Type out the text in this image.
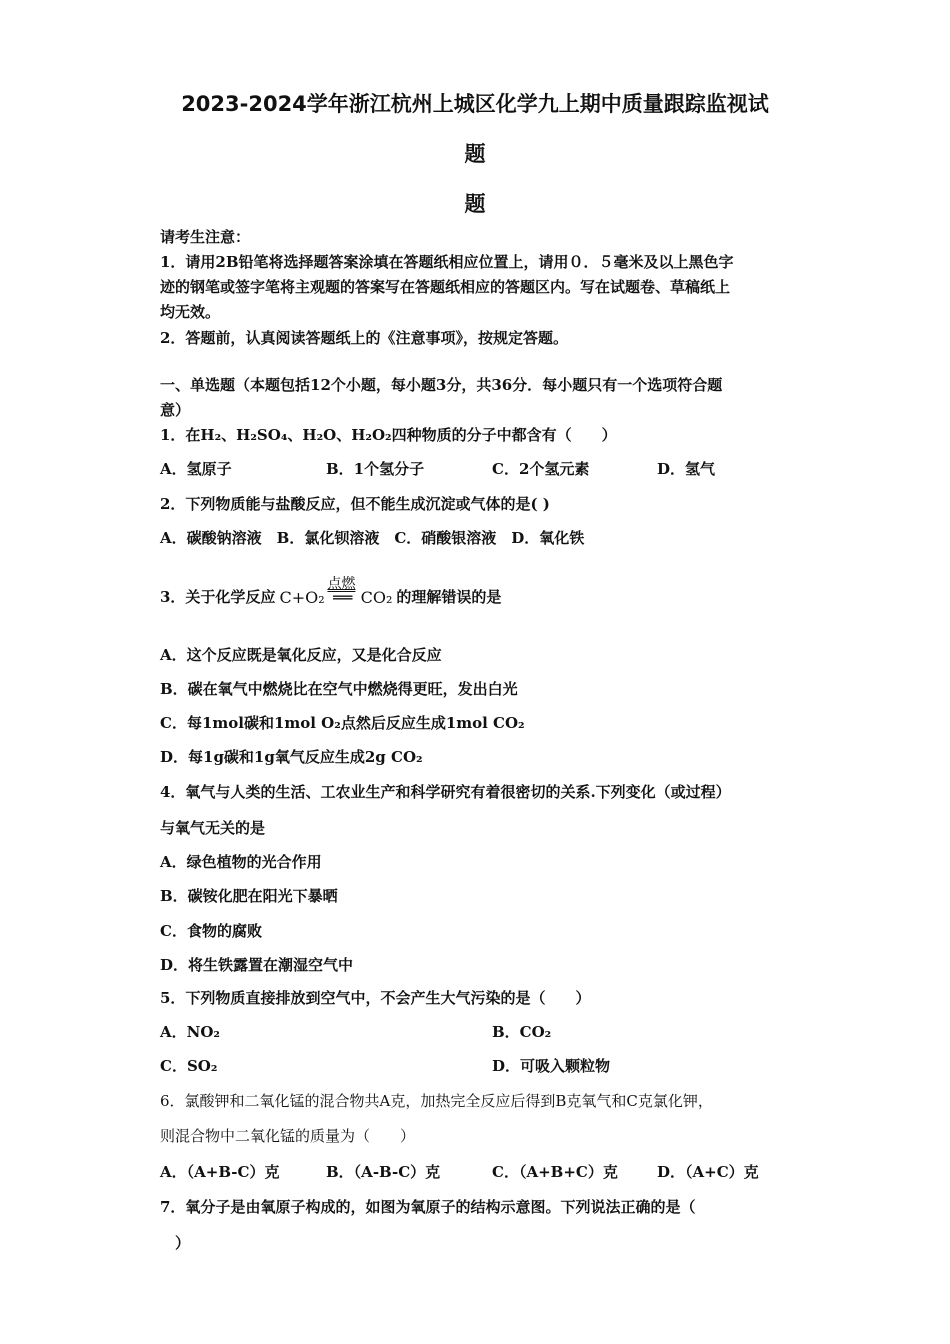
2023-2024学年浙江杭州上城区化学九上期中质量跟踪监视试
题
题
请考生注意：
1．请用2B铅笔将选择题答案涂填在答题纸相应位置上，请用０．５毫米及以上黑色字
迹的钢笔或签字笔将主观题的答案写在答题纸相应的答题区内。写在试题卷、草稿纸上
均无效。
2．答题前，认真阅读答题纸上的《注意事项》，按规定答题。
一、单选题（本题包括12个小题，每小题3分，共36分．每小题只有一个选项符合题
意）
1．在H₂、H₂SO₄、H₂O、H₂O₂四种物质的分子中都含有（　　）
A．氢原子	B．1个氢分子	C．2个氢元素	D．氢气
2．下列物质能与盐酸反应，但不能生成沉淀或气体的是( )
A．碳酸钠溶液　B．氯化钡溶液　C．硝酸银溶液　D．氧化铁
3．关于化学反应 C+O₂
点燃
══ CO₂ 的理解错误的是
A．这个反应既是氧化反应，又是化合反应
B．碳在氧气中燃烧比在空气中燃烧得更旺，发出白光
C．每1mol碳和1mol O₂点然后反应生成1mol CO₂
D．每1g碳和1g氧气反应生成2g CO₂
4．氧气与人类的生活、工农业生产和科学研究有着很密切的关系.下列变化（或过程）
与氧气无关的是
A．绿色植物的光合作用
B．碳铵化肥在阳光下暴晒
C．食物的腐败
D．将生铁露置在潮湿空气中
5．下列物质直接排放到空气中，不会产生大气污染的是（　　）
A．NO₂	B．CO₂
C．SO₂	D．可吸入颗粒物
6．氯酸钾和二氧化锰的混合物共A克，加热完全反应后得到B克氧气和C克氯化钾，
则混合物中二氧化锰的质量为（　　）
A．（A+B-C）克	B．（A-B-C）克	C．（A+B+C）克	D．（A+C）克
7．氧分子是由氧原子构成的，如图为氧原子的结构示意图。下列说法正确的是（
）
